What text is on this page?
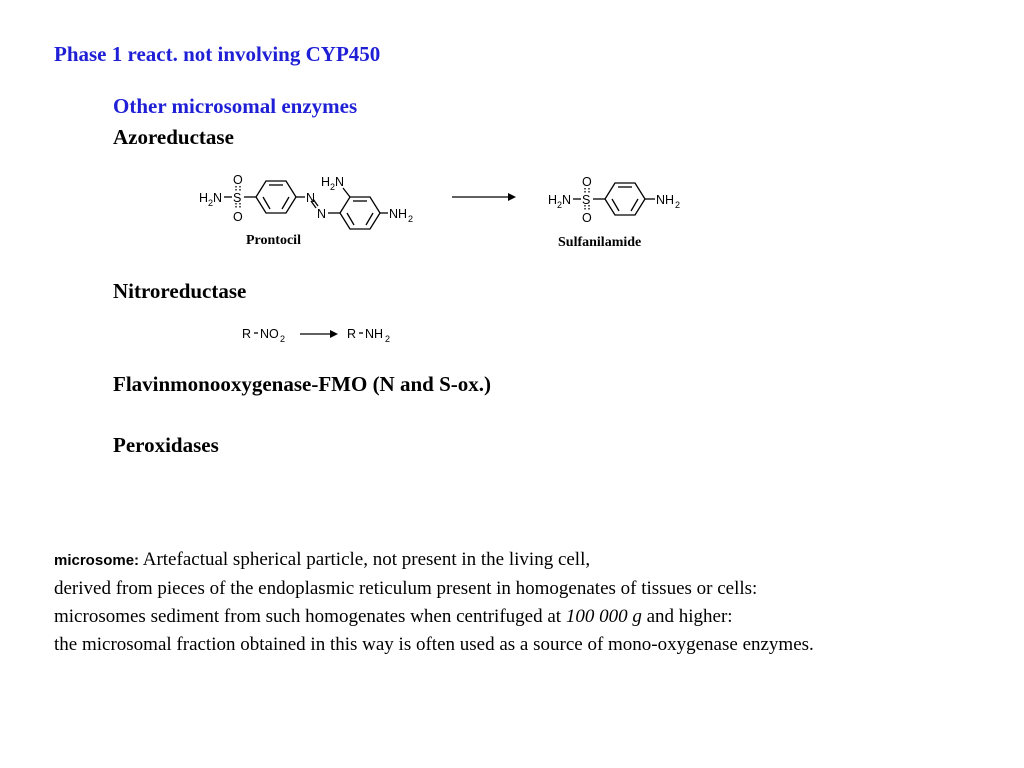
Phase 1 react. not involving CYP450
Other microsomal enzymes
Azoreductase
H 2 N S
O
O
N
N
H 2 N
NH 2
H 2 N S
O
O
NH 2
R NO 2	R NH 2
Prontocil	Sulfanilamide
Nitroreductase
Flavinmonooxygenase-FMO (N and S-ox.)
Peroxidases
microsome: Artefactual spherical particle, not present in the living cell,
derived from pieces of the endoplasmic reticulum present in homogenates of tissues or cells:
microsomes sediment from such homogenates when centrifuged at 100 000 g and higher:
the microsomal fraction obtained in this way is often used as a source of mono-oxygenase enzymes.
